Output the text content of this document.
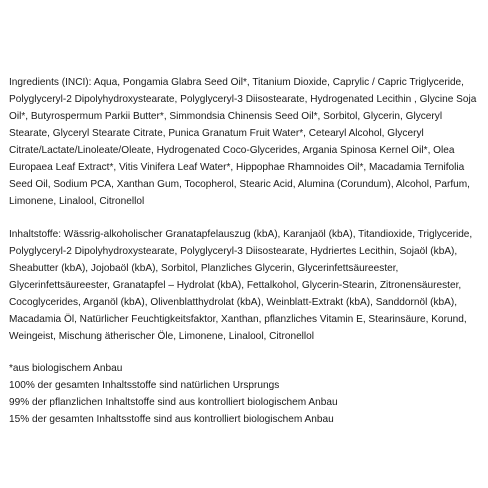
Ingredients (INCI): Aqua, Pongamia Glabra Seed Oil*, Titanium Dioxide, Caprylic / Capric Triglyceride,
Polyglyceryl-2 Dipolyhydroxystearate, Polyglyceryl-3 Diisostearate, Hydrogenated Lecithin , Glycine Soja
Oil*, Butyrospermum Parkii Butter*, Simmondsia Chinensis Seed Oil*, Sorbitol, Glycerin, Glyceryl
Stearate, Glyceryl Stearate Citrate, Punica Granatum Fruit Water*, Cetearyl Alcohol, Glyceryl
Citrate/Lactate/Linoleate/Oleate, Hydrogenated Coco-Glycerides, Argania Spinosa Kernel Oil*, Olea
Europaea Leaf Extract*, Vitis Vinifera Leaf Water*, Hippophae Rhamnoides Oil*, Macadamia Ternifolia
Seed Oil, Sodium PCA, Xanthan Gum, Tocopherol, Stearic Acid, Alumina (Corundum), Alcohol, Parfum,
Limonene, Linalool, Citronellol

Inhaltstoffe: Wässrig-alkoholischer Granatapfelauszug (kbA), Karanjaöl (kbA), Titandioxide, Triglyceride,
Polyglyceryl-2 Dipolyhydroxystearate, Polyglyceryl-3 Diisostearate, Hydriertes Lecithin, Sojaöl (kbA),
Sheabutter (kbA), Jojobaöl (kbA), Sorbitol, Planzliches Glycerin, Glycerinfettsäureester,
Glycerinfettsäureester, Granatapfel – Hydrolat (kbA), Fettalkohol, Glycerin-Stearin, Zitronensäurester,
Cocoglycerides, Arganöl (kbA), Olivenblatthydrolat (kbA), Weinblatt-Extrakt (kbA), Sanddornöl (kbA),
Macadamia Öl, Natürlicher Feuchtigkeitsfaktor, Xanthan, pflanzliches Vitamin E, Stearinsäure, Korund,
Weingeist, Mischung ätherischer Öle, Limonene, Linalool, Citronellol

*aus biologischem Anbau
100% der gesamten Inhaltsstoffe sind natürlichen Ursprungs
99% der pflanzlichen Inhaltstoffe sind aus kontrolliert biologischem Anbau
15% der gesamten Inhaltsstoffe sind aus kontrolliert biologischem Anbau
